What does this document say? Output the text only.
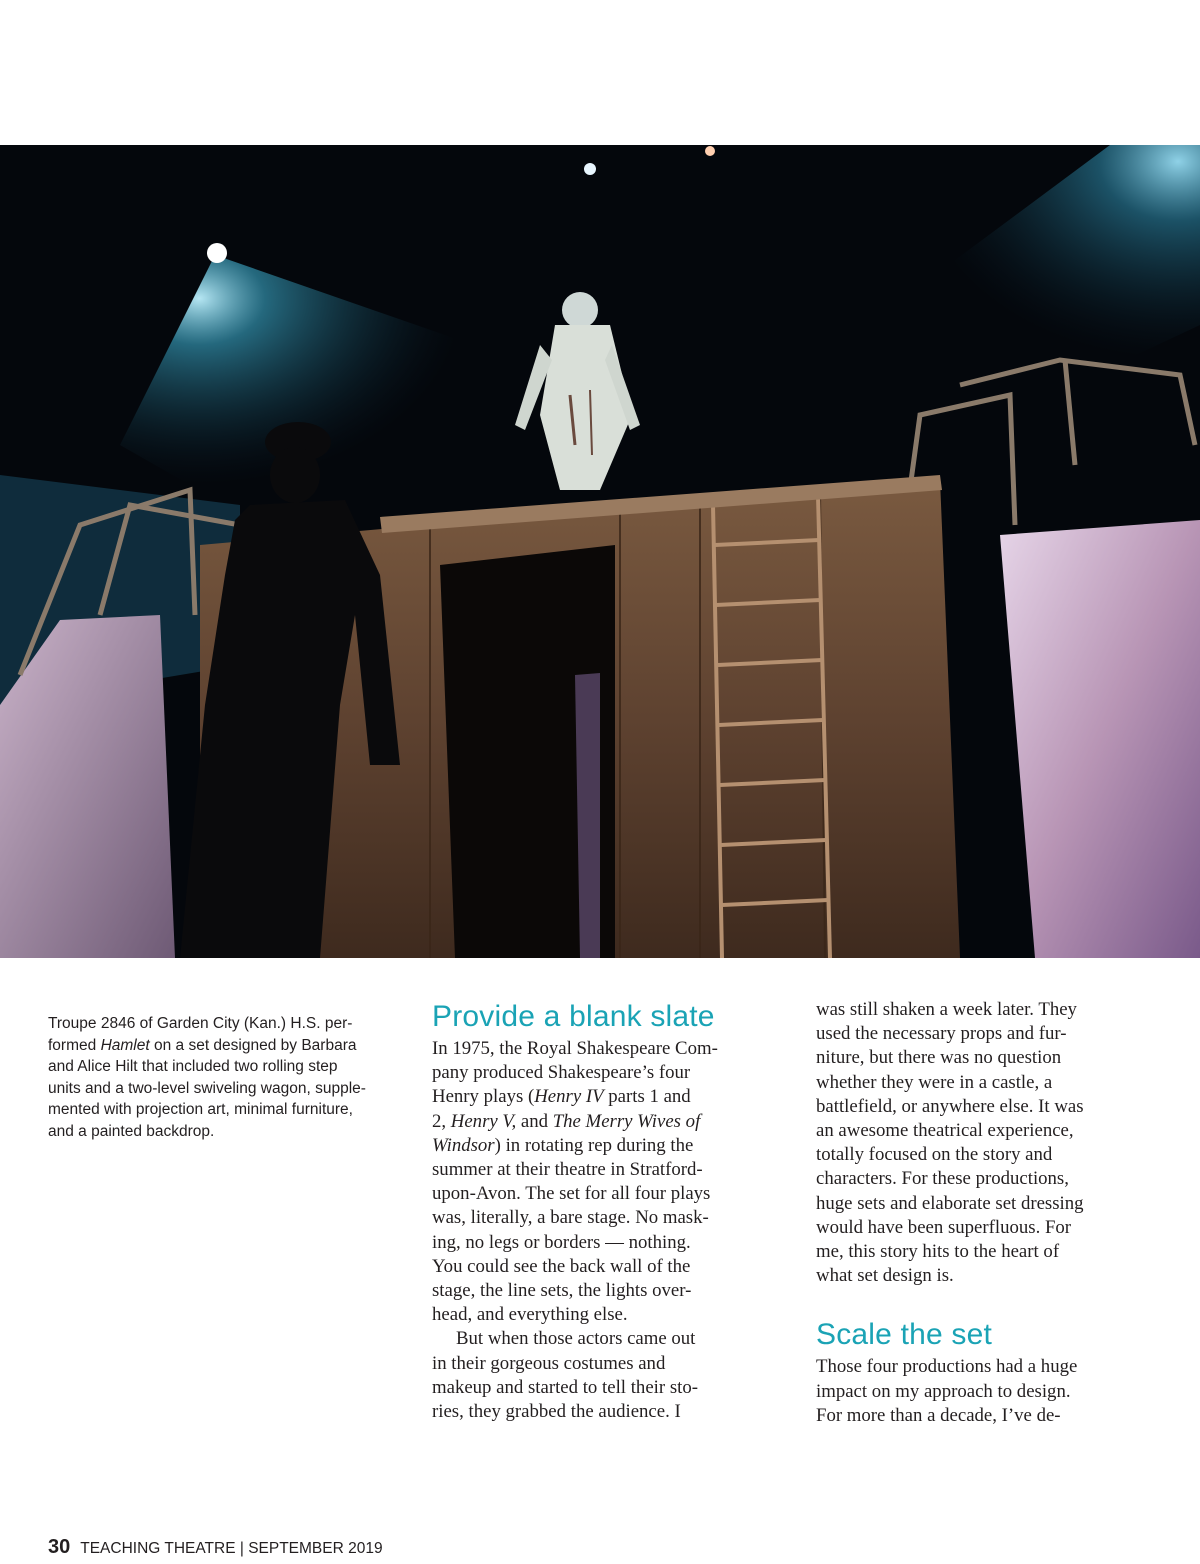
Troupe 2846 of Garden City (Kan.) H.S. per-
formed Hamlet on a set designed by Barbara
and Alice Hilt that included two rolling step
units and a two-level swiveling wagon, supple-
mented with projection art, minimal furniture,
and a painted backdrop.

Provide a blank slate

In 1975, the Royal Shakespeare Com-
pany produced Shakespeare’s four
Henry plays (Henry IV parts 1 and
2, Henry V, and The Merry Wives of
Windsor) in rotating rep during the
summer at their theatre in Stratford-
upon-Avon. The set for all four plays
was, literally, a bare stage. No mask-
ing, no legs or borders — nothing.
You could see the back wall of the
stage, the line sets, the lights over-
head, and everything else.

But when those actors came out
in their gorgeous costumes and
makeup and started to tell their sto-
ries, they grabbed the audience. I

was still shaken a week later. They
used the necessary props and fur-
niture, but there was no question
whether they were in a castle, a
battlefield, or anywhere else. It was
an awesome theatrical experience,
totally focused on the story and
characters. For these productions,
huge sets and elaborate set dressing
would have been superfluous. For
me, this story hits to the heart of
what set design is.

Scale the set

Those four productions had a huge
impact on my approach to design.
For more than a decade, I’ve de-

30 TEACHING THEATRE | SEPTEMBER 2019
